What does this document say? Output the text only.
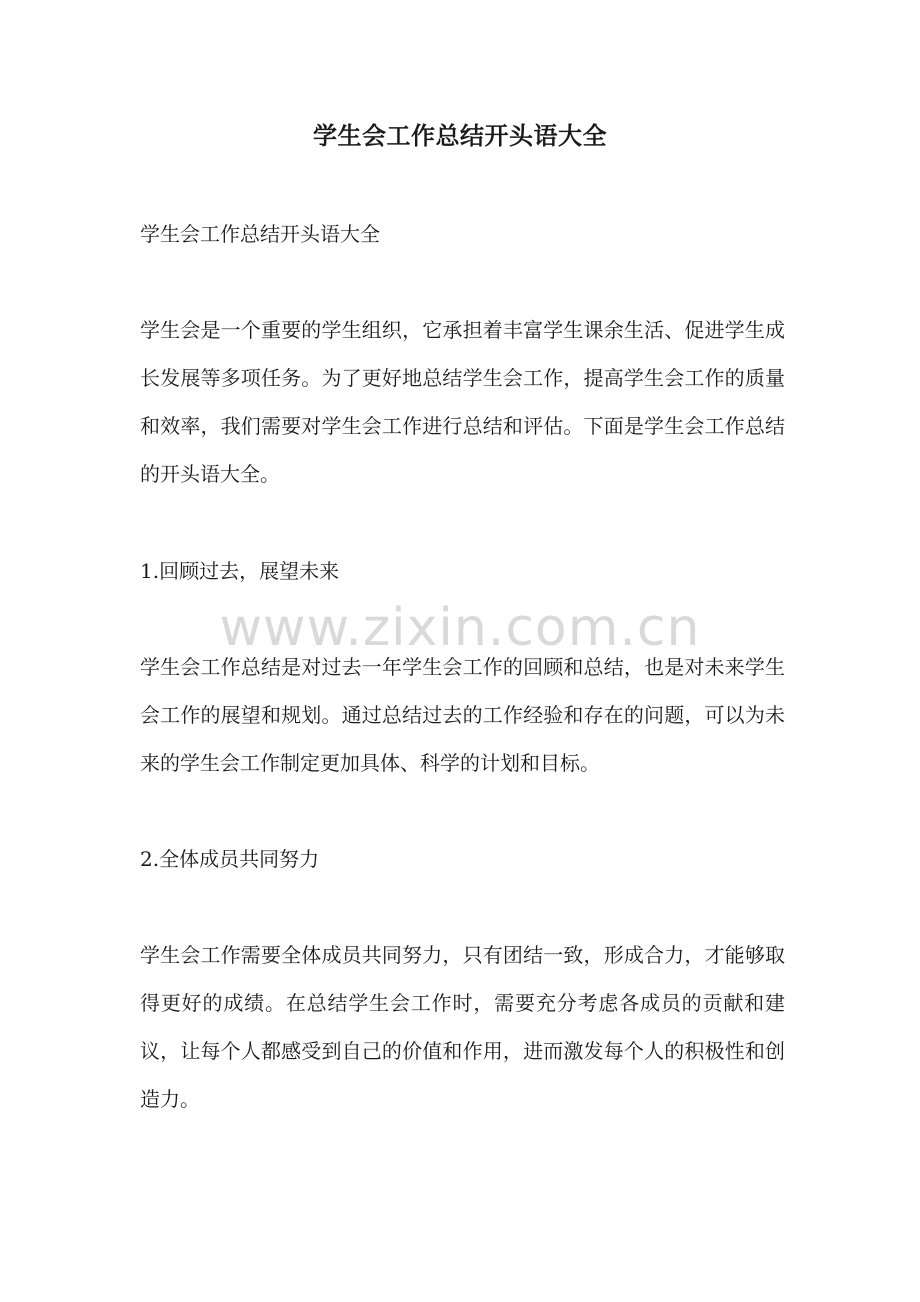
学生会工作总结开头语大全

学生会工作总结开头语大全

学生会是一个重要的学生组织，它承担着丰富学生课余生活、促进学生成长发展等多项任务。为了更好地总结学生会工作，提高学生会工作的质量和效率，我们需要对学生会工作进行总结和评估。下面是学生会工作总结的开头语大全。

1.回顾过去，展望未来

学生会工作总结是对过去一年学生会工作的回顾和总结，也是对未来学生会工作的展望和规划。通过总结过去的工作经验和存在的问题，可以为未来的学生会工作制定更加具体、科学的计划和目标。

2.全体成员共同努力

学生会工作需要全体成员共同努力，只有团结一致，形成合力，才能够取得更好的成绩。在总结学生会工作时，需要充分考虑各成员的贡献和建议，让每个人都感受到自己的价值和作用，进而激发每个人的积极性和创造力。

www.zixin.com.cn
